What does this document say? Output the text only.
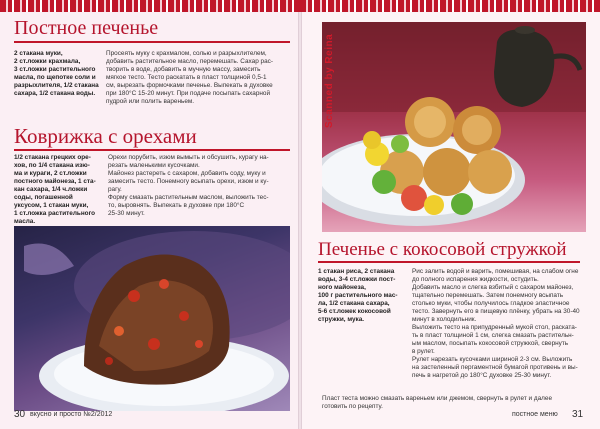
Постное печенье
2 стакана муки,
2 ст.ложки крахмала,
3 ст.ложки растительного
масла, по щепотке соли и
разрыхлителя, 1/2 стакана
сахара, 1/2 стакана воды.
Просеять муку с крахмалом, солью и разрыхлителем,
добавить растительное масло, перемешать. Сахар рас-
творить в воде, добавить в мучную массу, замесить
мягкое тесто. Тесто раскатать в пласт толщиной 0,5-1
см, вырезать формочками печенье. Выпекать в духовке
при 180°С 15-20 минут. При подаче посыпать сахарной
пудрой или полить вареньем.
Коврижка с орехами
1/2 стакана грецких оре-
хов, по 1/4 стакана изю-
ма и кураги, 2 ст.ложки
постного майонеза, 1 ста-
кан сахара, 1/4 ч.ложки
соды, погашенной
уксусом, 1 стакан муки,
1 ст.ложка растительного
масла.
Орехи порубить, изюм вымыть и обсушить, курагу на-
резать маленькими кусочками.
Майонез растереть с сахаром, добавить соду, муку и
замесить тесто. Понемногу всыпать орехи, изюм и ку-
рагу.
Форму смазать растительным маслом, выложить тес-
то, выровнять. Выпекать в духовке при 180°С
25-30 минут.
30 вкусно и просто №2/2012
Scanned by Reina
Печенье с кокосовой стружкой
1 стакан риса, 2 стакана
воды, 3-4 ст.ложки пост-
ного майонеза,
100 г растительного мас-
ла, 1/2 стакана сахара,
5-6 ст.ложек кокосовой
стружки, мука.
Рис залить водой и варить, помешивая, на слабом огне
до полного испарения жидкости, остудить.
Добавить масло и слегка взбитый с сахаром майонез,
тщательно перемешать. Затем понемногу всыпать
столько муки, чтобы получилось гладкое эластичное
тесто. Завернуть его в пищевую плёнку, убрать на 30-40
минут в холодильник.
Выложить тесто на припудренный мукой стол, раската-
ть в пласт толщиной 1 см, слегка смазать растительн-
ым маслом, посыпать кокосовой стружкой, свернуть
в рулет.
Рулет нарезать кусочками шириной 2-3 см. Выложить
на застеленный пергаментной бумагой противень и вы-
печь в нагретой до 180°С духовке 25-30 минут.
Пласт теста можно смазать вареньем или джемом, свернуть в рулет и далее
готовить по рецепту.
постное меню 31
